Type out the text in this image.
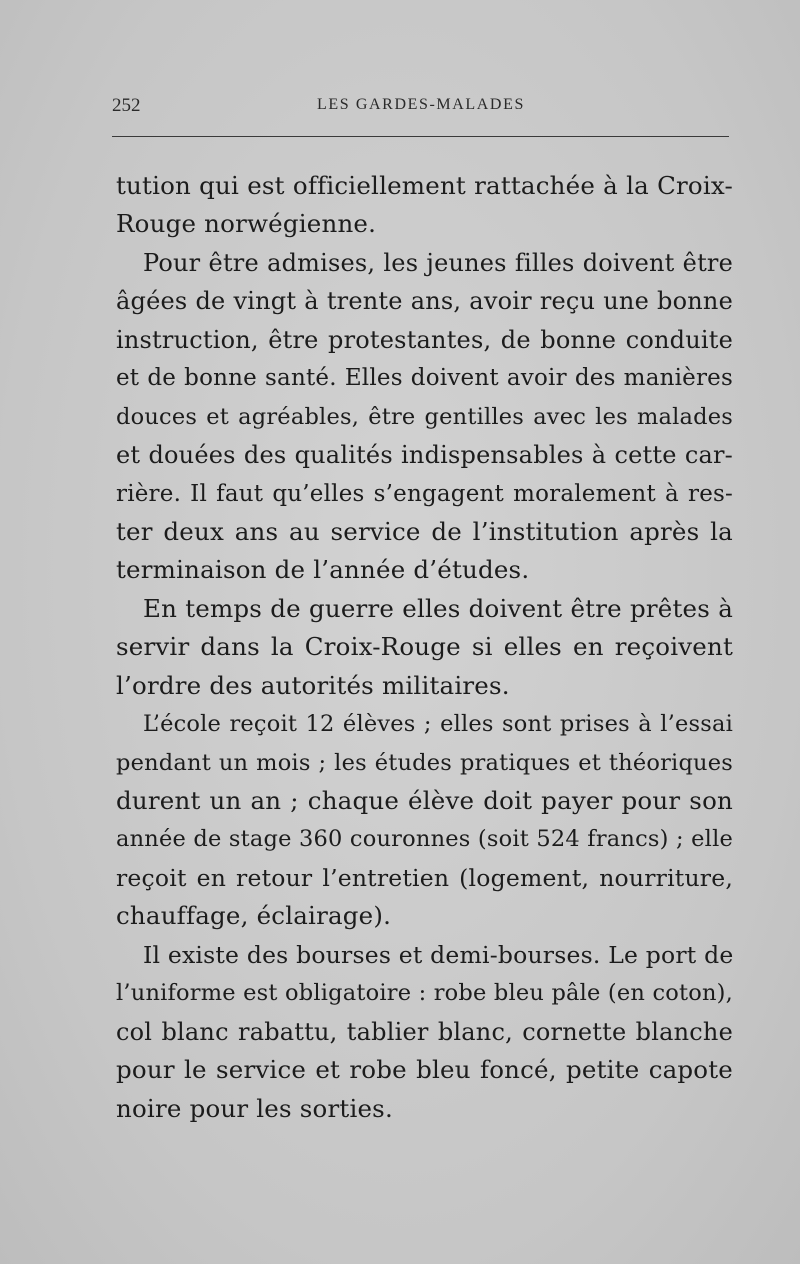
252	LES GARDES-MALADES
tution qui est officiellement rattachée à la Croix-
Rouge norwégienne.
Pour être admises, les jeunes filles doivent être
âgées de vingt à trente ans, avoir reçu une bonne
instruction, être protestantes, de bonne conduite
et de bonne santé. Elles doivent avoir des manières
douces et agréables, être gentilles avec les malades
et douées des qualités indispensables à cette car-
rière. Il faut qu’elles s’engagent moralement à res-
ter deux ans au service de l’institution après la
terminaison de l’année d’études.
En temps de guerre elles doivent être prêtes à
servir dans la Croix-Rouge si elles en reçoivent
l’ordre des autorités militaires.
L’école reçoit 12 élèves ; elles sont prises à l’essai
pendant un mois ; les études pratiques et théoriques
durent un an ; chaque élève doit payer pour son
année de stage 360 couronnes (soit 524 francs) ; elle
reçoit en retour l’entretien (logement, nourriture,
chauffage, éclairage).
Il existe des bourses et demi-bourses. Le port de
l’uniforme est obligatoire : robe bleu pâle (en coton),
col blanc rabattu, tablier blanc, cornette blanche
pour le service et robe bleu foncé, petite capote
noire pour les sorties.
